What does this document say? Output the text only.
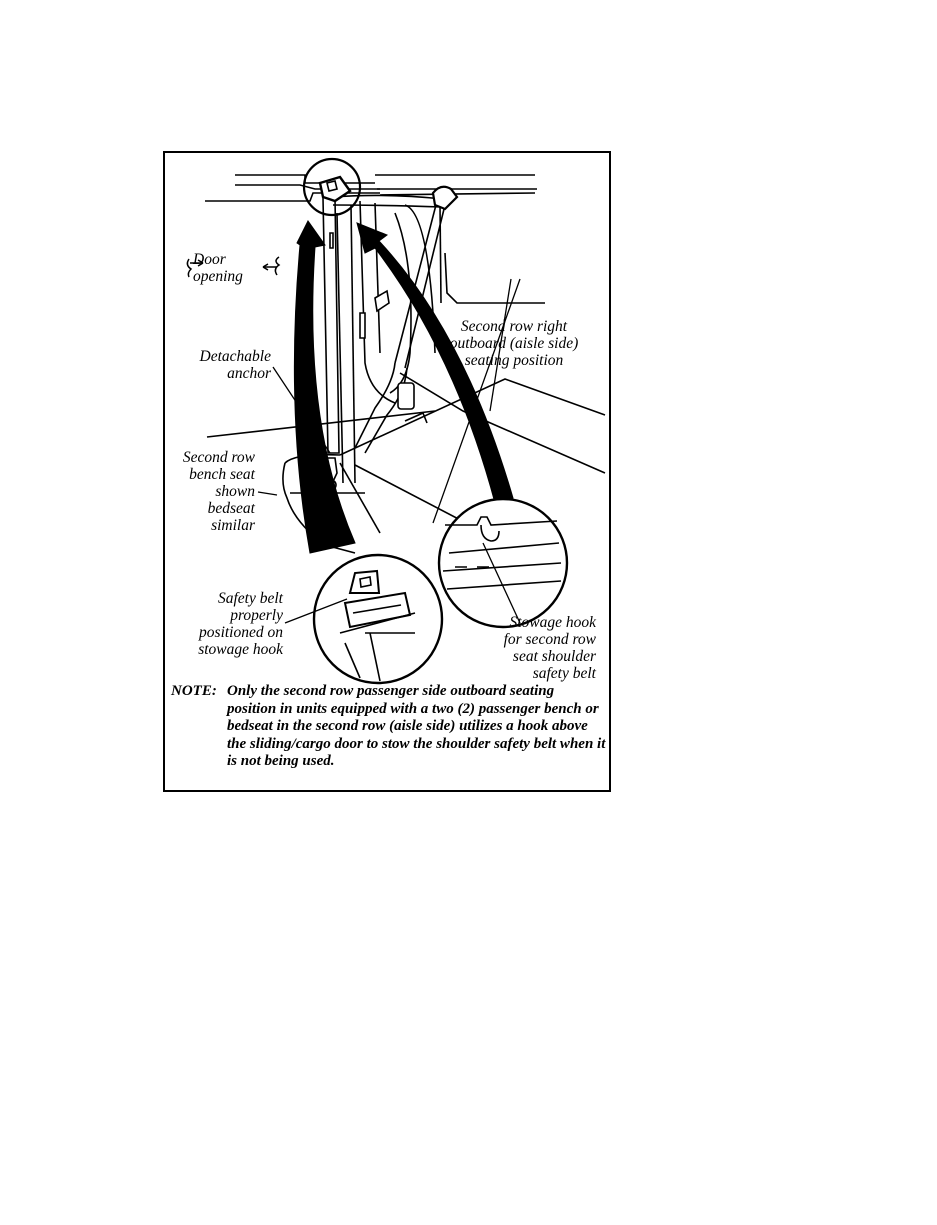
Door
opening
Detachable
anchor
Second row right
outboard (aisle side)
seating position
Second row
bench seat
shown
bedseat
similar
Safety belt
properly
positioned on
stowage hook
Stowage hook
for second row
seat shoulder
safety belt
NOTE: Only the second row passenger side outboard seating position in units equipped with a two (2) passenger bench or bedseat in the second row (aisle side) utilizes a hook above the sliding/cargo door to stow the shoulder safety belt when it is not being used.
